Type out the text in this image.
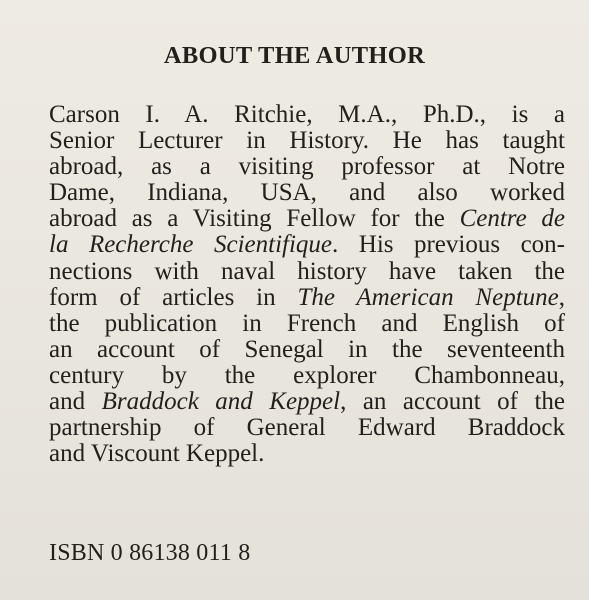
ABOUT THE AUTHOR
Carson I. A. Ritchie, M.A., Ph.D., is a
Senior Lecturer in History. He has taught
abroad, as a visiting professor at Notre
Dame, Indiana, USA, and also worked
abroad as a Visiting Fellow for the Centre de
la Recherche Scientifique. His previous con-
nections with naval history have taken the
form of articles in The American Neptune,
the publication in French and English of
an account of Senegal in the seventeenth
century by the explorer Chambonneau,
and Braddock and Keppel, an account of the
partnership of General Edward Braddock
and Viscount Keppel.
ISBN 0 86138 011 8
